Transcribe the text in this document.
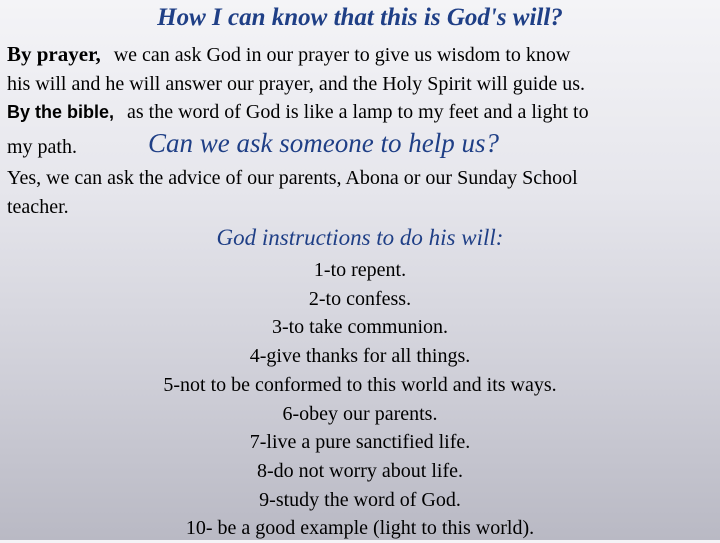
How I can know that this is God's will?
By prayer, we can ask God in our prayer to give us wisdom to know
his will and he will answer our prayer, and the Holy Spirit will guide us.
By the bible, as the word of God is like a lamp to my feet and a light to
my path.	Can we ask someone to help us?
Yes, we can ask the advice of our parents, Abona or our Sunday School
teacher.
God instructions to do his will:
1-to repent.
2-to confess.
3-to take communion.
4-give thanks for all things.
5-not to be conformed to this world and its ways.
6-obey our parents.
7-live a pure sanctified life.
8-do not worry about life.
9-study the word of God.
10- be a good example (light to this world).
